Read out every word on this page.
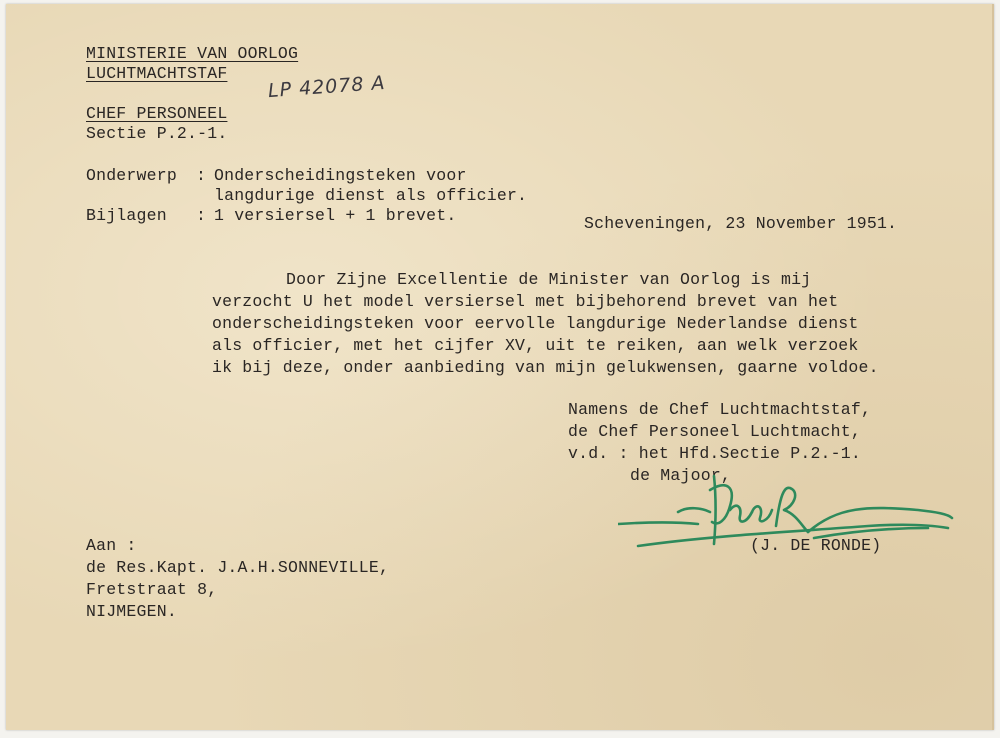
MINISTERIE VAN OORLOG
LUCHTMACHTSTAF LP 42078 A
CHEF PERSONEEL
Sectie P.2.-1.
Onderwerp : Onderscheidingsteken voor
langdurige dienst als officier.
Bijlagen : 1 versiersel + 1 brevet.	Scheveningen, 23 November 1951.
Door Zijne Excellentie de Minister van Oorlog is mij
verzocht U het model versiersel met bijbehorend brevet van het
onderscheidingsteken voor eervolle langdurige Nederlandse dienst
als officier, met het cijfer XV, uit te reiken, aan welk verzoek
ik bij deze, onder aanbieding van mijn gelukwensen, gaarne voldoe.
Namens de Chef Luchtmachtstaf,
de Chef Personeel Luchtmacht,
v.d. : het Hfd.Sectie P.2.-1.
de Majoor,
(J. DE RONDE)
Aan :
de Res.Kapt. J.A.H.SONNEVILLE,
Fretstraat 8,
NIJMEGEN.
